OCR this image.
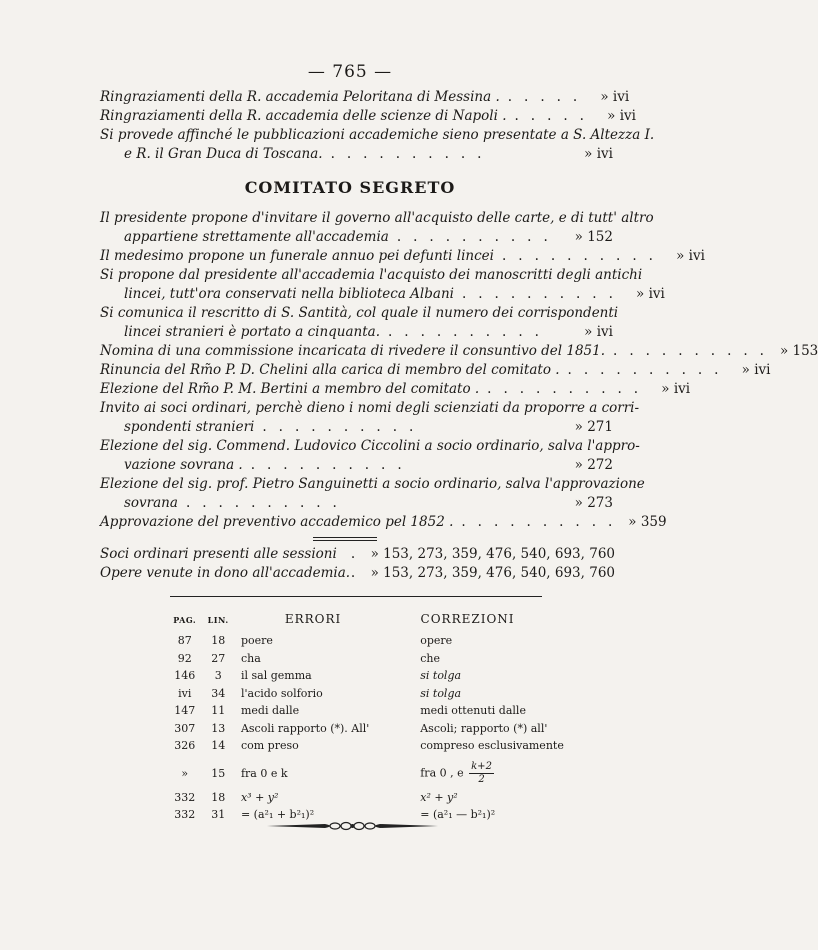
— 765 —
Ringraziamenti della R. accademia Peloritana di Messina . ..... » ivi
Ringraziamenti della R. accademia delle scienze di Napoli . ..... » ivi
Si provede affinché le pubblicazioni accademiche sieno presentate a S. Altezza I.
e R. il Gran Duca di Toscana. ..........	» ivi
COMITATO SEGRETO
Il presidente propone d'invitare il governo all'acquisto delle carte, e di tutt' altro
appartiene strettamente all'accademia ..........	» 152
Il medesimo propone un funerale annuo pei defunti lincei .......... » ivi
Si propone dal presidente all'accademia l'acquisto dei manoscritti degli antichi
lincei, tutt'ora conservati nella biblioteca Albani .......... » ivi
Si comunica il rescritto di S. Santità, col quale il numero dei corrispondenti
lincei stranieri è portato a cinquanta. ..........	» ivi
Nomina di una commissione incaricata di rivedere il consuntivo del 1851. .......... » 153
Rinuncia del Rm̃o P. D. Chelini alla carica di membro del comitato . .......... » ivi
Elezione del Rm̃o P. M. Bertini a membro del comitato . .......... » ivi
Invito ai soci ordinari, perchè dieno i nomi degli scienziati da proporre a corri-
spondenti stranieri ..........	» 271
Elezione del sig. Commend. Ludovico Ciccolini a socio ordinario, salva l'appro-
vazione sovrana . ..........	» 272
Elezione del sig. prof. Pietro Sanguinetti a socio ordinario, salva l'approvazione
sovrana ..........	» 273
Approvazione del preventivo accademico pel 1852 . .......... » 359
Soci ordinari presenti alle sessioni	.	» 153, 273, 359, 476, 540, 693, 760
Opere venute in dono all'accademia. .	» 153, 273, 359, 476, 540, 693, 760
PAG.	LIN.	ERRORI	CORREZIONI
87	18	poere	opere
92	27	cha	che
146	3	il sal gemma	si tolga
ivi	34	l'acido solforio	si tolga
147	11	medi dalle	medi ottenuti dalle
307	13	Ascoli rapporto (*). All'	Ascoli; rapporto (*) all'
326	14	com preso	compreso esclusivamente
»	15	fra 0 e k	fra 0 , e $\frac{k+2}{2}$
332	18	x³ + y²	x² + y²
332	31	= (a²₁ + b²₁)²	= (a²₁ — b²₁)²
